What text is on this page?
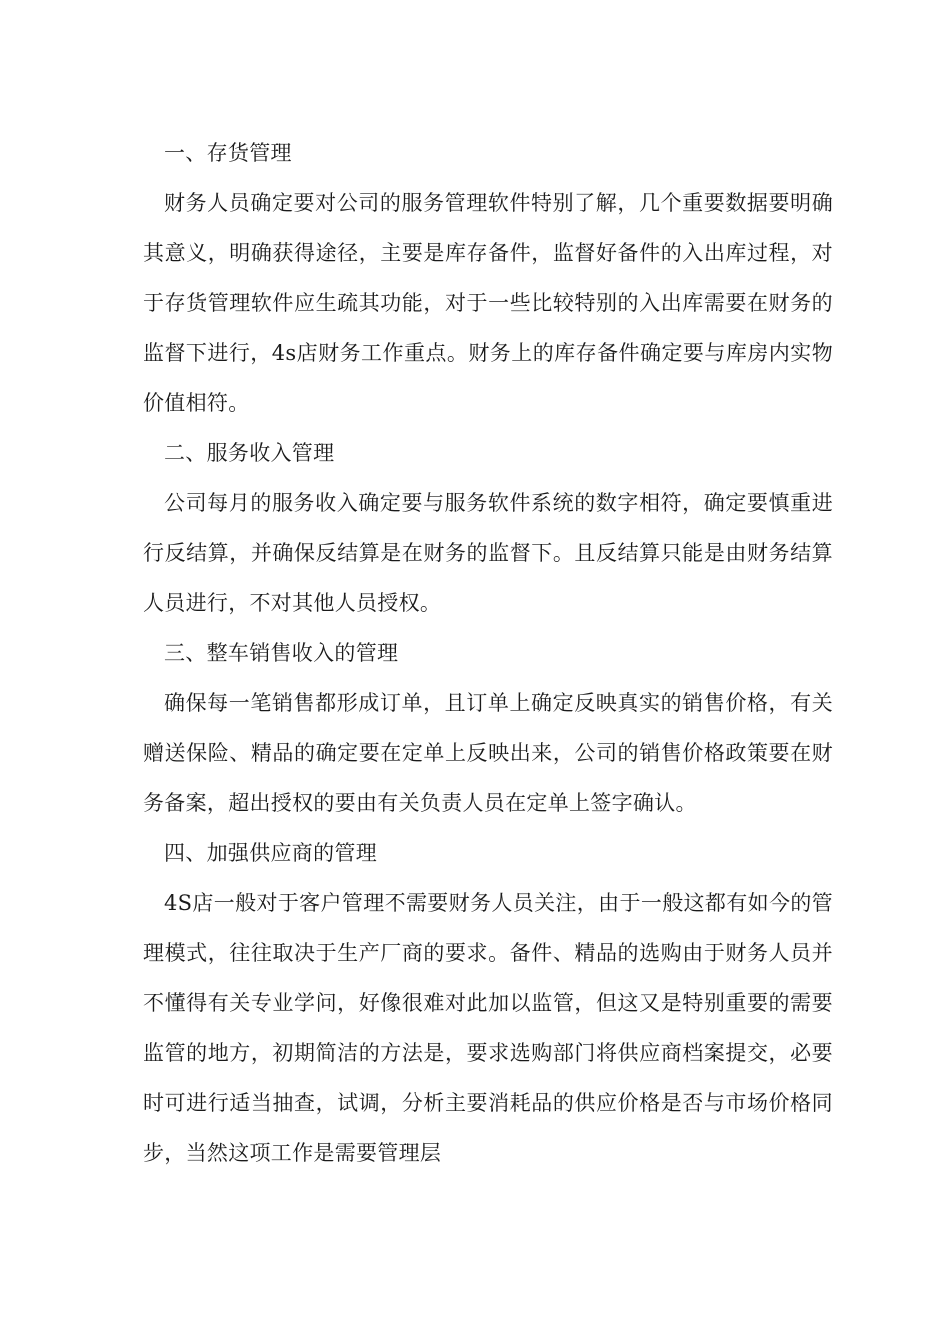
一、存货管理

财务人员确定要对公司的服务管理软件特别了解，几个重要数据要明确其意义，明确获得途径，主要是库存备件，监督好备件的入出库过程，对于存货管理软件应生疏其功能，对于一些比较特别的入出库需要在财务的监督下进行，4s店财务工作重点。财务上的库存备件确定要与库房内实物价值相符。

二、服务收入管理

公司每月的服务收入确定要与服务软件系统的数字相符，确定要慎重进行反结算，并确保反结算是在财务的监督下。且反结算只能是由财务结算人员进行，不对其他人员授权。

三、整车销售收入的管理

确保每一笔销售都形成订单，且订单上确定反映真实的销售价格，有关赠送保险、精品的确定要在定单上反映出来，公司的销售价格政策要在财务备案，超出授权的要由有关负责人员在定单上签字确认。

四、加强供应商的管理

4S店一般对于客户管理不需要财务人员关注，由于一般这都有如今的管理模式，往往取决于生产厂商的要求。备件、精品的选购由于财务人员并不懂得有关专业学问，好像很难对此加以监管，但这又是特别重要的需要监管的地方，初期简洁的方法是，要求选购部门将供应商档案提交，必要时可进行适当抽查，试调，分析主要消耗品的供应价格是否与市场价格同步，当然这项工作是需要管理层
